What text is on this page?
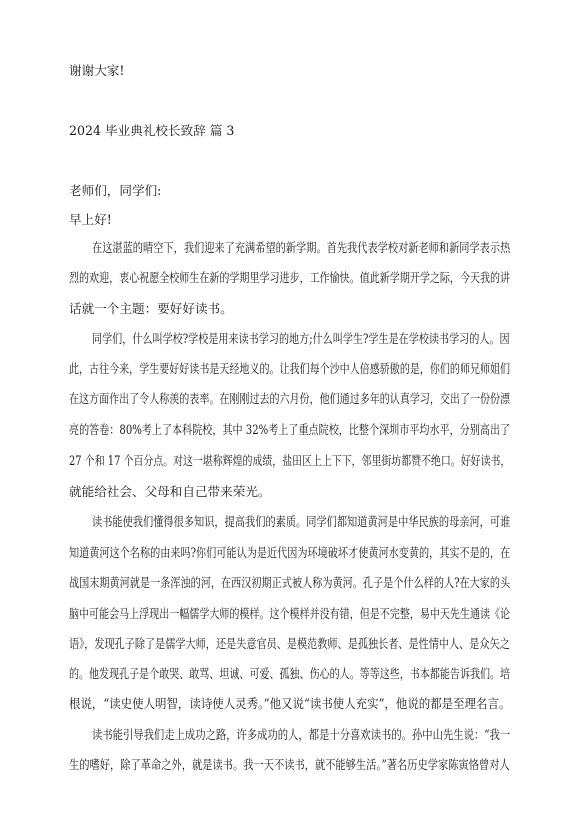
谢谢大家!
2024 毕业典礼校长致辞 篇 3
老师们，同学们:
早上好!
在这湛蓝的晴空下，我们迎来了充满希望的新学期。首先我代表学校对新老师和新同学表示热
烈的欢迎，衷心祝愿全校师生在新的学期里学习进步，工作愉快。值此新学期开学之际，今天我的讲
话就一个主题：要好好读书。
同学们，什么叫学校?学校是用来读书学习的地方;什么叫学生?学生是在学校读书学习的人。因
此，古往今来，学生要好好读书是天经地义的。让我们每个沙中人倍感骄傲的是，你们的师兄师姐们
在这方面作出了令人称羡的表率。在刚刚过去的六月份，他们通过多年的认真学习，交出了一份份漂
亮的答卷：80%考上了本科院校，其中 32%考上了重点院校，比整个深圳市平均水平，分别高出了
27 个和 17 个百分点。对这一堪称辉煌的成绩，盐田区上上下下，邻里街坊都赞不绝口。好好读书，
就能给社会、父母和自己带来荣光。
读书能使我们懂得很多知识，提高我们的素质。同学们都知道黄河是中华民族的母亲河，可谁
知道黄河这个名称的由来吗?你们可能认为是近代因为环境破坏才使黄河水变黄的，其实不是的，在
战国末期黄河就是一条浑浊的河，在西汉初期正式被人称为黄河。孔子是个什么样的人?在大家的头
脑中可能会马上浮现出一幅儒学大师的模样。这个模样并没有错，但是不完整，易中天先生通读《论
语》，发现孔子除了是儒学大师，还是失意官员、是模范教师、是孤独长者、是性情中人、是众矢之
的。他发现孔子是个敢哭、敢骂、坦诚、可爱、孤独、伤心的人。等等这些，书本都能告诉我们。培
根说，“读史使人明智，读诗使人灵秀。”他又说“读书使人充实”，他说的都是至理名言。
读书能引导我们走上成功之路，许多成功的人，都是十分喜欢读书的。孙中山先生说：“我一
生的嗜好，除了革命之外，就是读书。我一天不读书，就不能够生活。”著名历史学家陈寅恪曾对人
